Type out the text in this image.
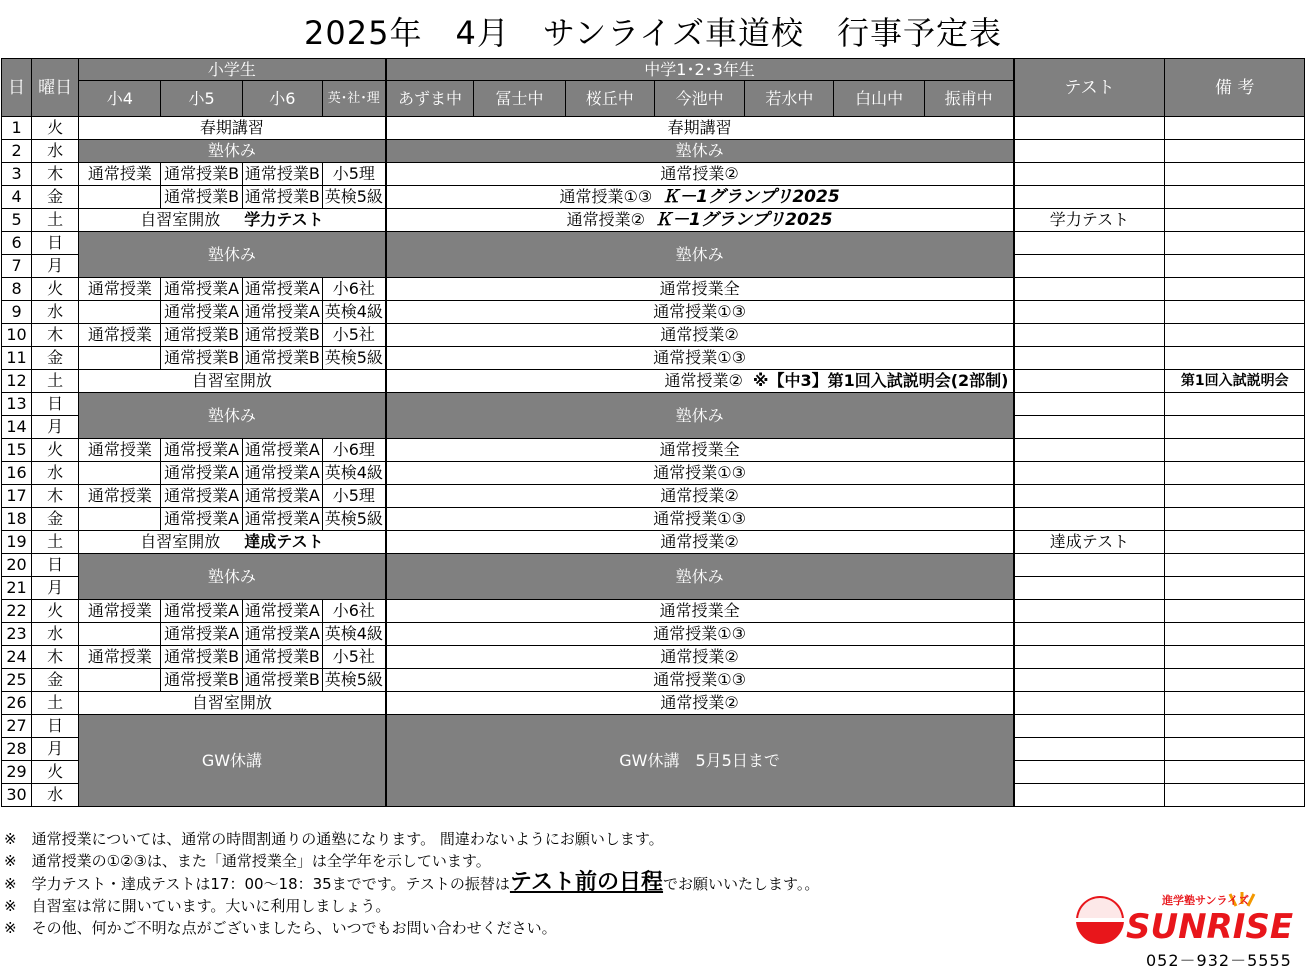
2025年　4月　サンライズ車道校　行事予定表
日	曜日	小学生				中学1･2･3年生							テスト	備 考
		小4	小5	小6	英･社･理	あずま中	冨士中	桜丘中	今池中	若水中	白山中	振甫中		
1	火	春期講習				春期講習								
2	水	塾休み				塾休み								
3	木	通常授業	通常授業B	通常授業B	小5理	通常授業②								
4	金		通常授業B	通常授業B	英検5級	通常授業①③ Ｋ－1グランプリ2025								
5	土	自習室開放 学力テスト				通常授業② Ｋ－1グランプリ2025							学力テスト	
6	日	塾休み				塾休み								
7	月													
8	火	通常授業	通常授業A	通常授業A	小6社	通常授業全								
9	水		通常授業A	通常授業A	英検4級	通常授業①③								
10	木	通常授業	通常授業B	通常授業B	小5社	通常授業②								
11	金		通常授業B	通常授業B	英検5級	通常授業①③								
12	土	自習室開放				通常授業② ※【中3】第1回入試説明会(2部制)								第1回入試説明会
13	日	塾休み				塾休み								
14	月													
15	火	通常授業	通常授業A	通常授業A	小6理	通常授業全								
16	水		通常授業A	通常授業A	英検4級	通常授業①③								
17	木	通常授業	通常授業A	通常授業A	小5理	通常授業②								
18	金		通常授業A	通常授業A	英検5級	通常授業①③								
19	土	自習室開放 達成テスト				通常授業②							達成テスト	
20	日	塾休み				塾休み								
21	月													
22	火	通常授業	通常授業A	通常授業A	小6社	通常授業全								
23	水		通常授業A	通常授業A	英検4級	通常授業①③								
24	木	通常授業	通常授業B	通常授業B	小5社	通常授業②								
25	金		通常授業B	通常授業B	英検5級	通常授業①③								
26	土	自習室開放				通常授業②								
27	日	GW休講				GW休講　5月5日まで								
28	月													
29	火													
30	水													
※　通常授業については、通常の時間割通りの通塾になります。 間違わないようにお願いします。
※　通常授業の①②③は、また「通常授業全」は全学年を示しています。
※　学力テスト・達成テストは17：00～18：35までです。テストの振替はテスト前の日程でお願いいたします。。
※　自習室は常に開いています。大いに利用しましょう。
※　その他、何かご不明な点がございましたら、いつでもお問い合わせください。
進学塾サンライズ
SUNRISE
052－932－5555
